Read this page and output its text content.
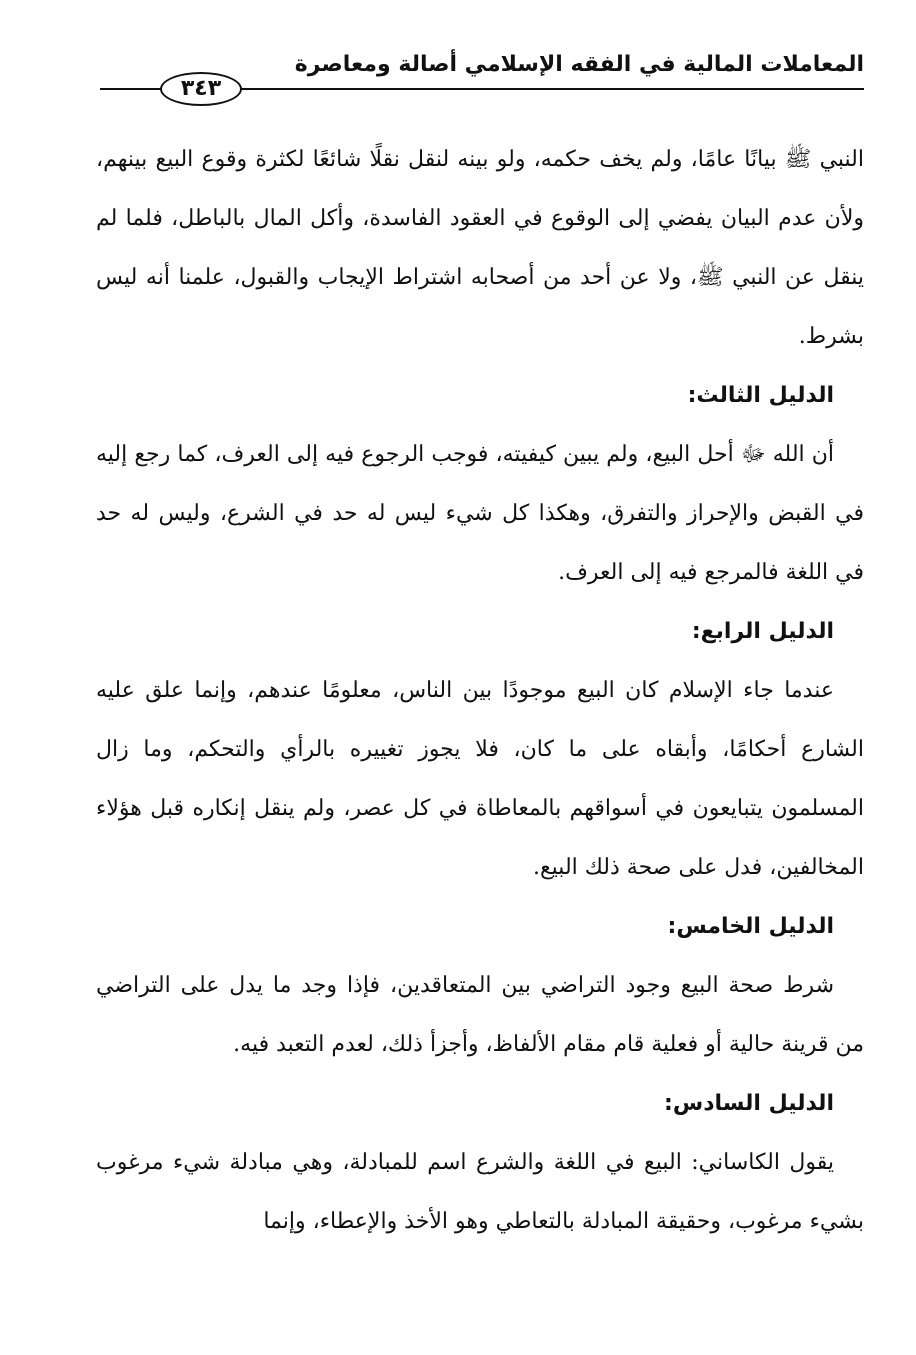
المعاملات المالية في الفقه الإسلامي أصالة ومعاصرة
٣٤٣

النبي ﷺ بيانًا عامًا، ولم يخف حكمه، ولو بينه لنقل نقلًا شائعًا لكثرة وقوع البيع بينهم، ولأن عدم البيان يفضي إلى الوقوع في العقود الفاسدة، وأكل المال بالباطل، فلما لم ينقل عن النبي ﷺ، ولا عن أحد من أصحابه اشتراط الإيجاب والقبول، علمنا أنه ليس بشرط.

الدليل الثالث:

أن الله ﷻ أحل البيع، ولم يبين كيفيته، فوجب الرجوع فيه إلى العرف، كما رجع إليه في القبض والإحراز والتفرق، وهكذا كل شيء ليس له حد في الشرع، وليس له حد في اللغة فالمرجع فيه إلى العرف.

الدليل الرابع:

عندما جاء الإسلام كان البيع موجودًا بين الناس، معلومًا عندهم، وإنما علق عليه الشارع أحكامًا، وأبقاه على ما كان، فلا يجوز تغييره بالرأي والتحكم، وما زال المسلمون يتبايعون في أسواقهم بالمعاطاة في كل عصر، ولم ينقل إنكاره قبل هؤلاء المخالفين، فدل على صحة ذلك البيع.

الدليل الخامس:

شرط صحة البيع وجود التراضي بين المتعاقدين، فإذا وجد ما يدل على التراضي من قرينة حالية أو فعلية قام مقام الألفاظ، وأجزأ ذلك، لعدم التعبد فيه.

الدليل السادس:

يقول الكاساني: البيع في اللغة والشرع اسم للمبادلة، وهي مبادلة شيء مرغوب بشيء مرغوب، وحقيقة المبادلة بالتعاطي وهو الأخذ والإعطاء، وإنما
